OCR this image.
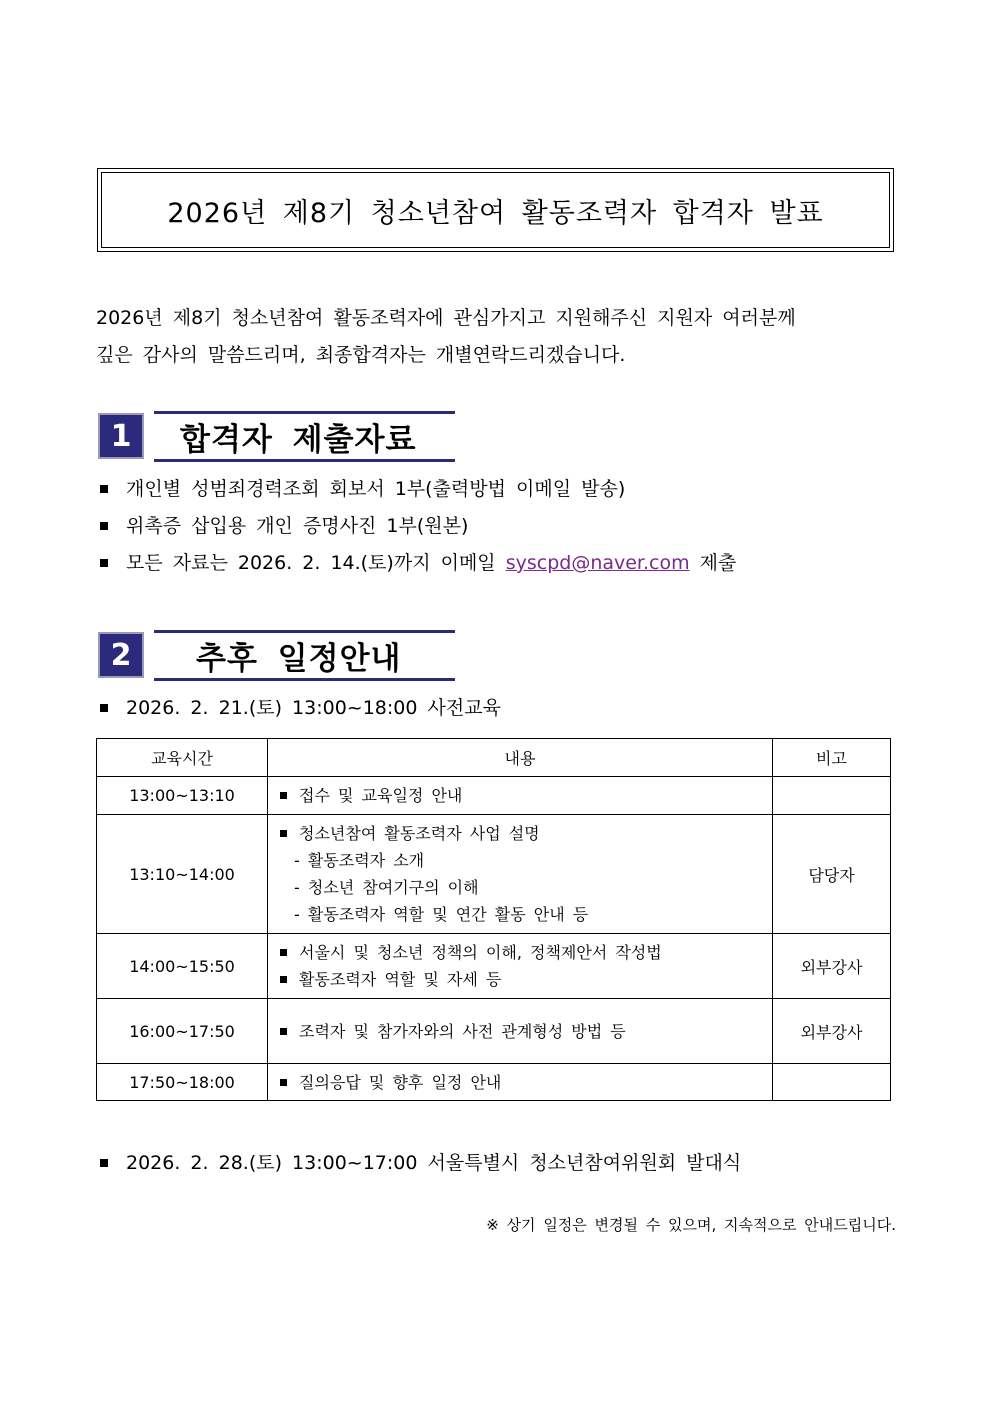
2026년 제8기 청소년참여 활동조력자 합격자 발표

2026년 제8기 청소년참여 활동조력자에 관심가지고 지원해주신 지원자 여러분께

깊은 감사의 말씀드리며, 최종합격자는 개별연락드리겠습니다.

1	합격자 제출자료
개인별 성범죄경력조회 회보서 1부(출력방법 이메일 발송)
위촉증 삽입용 개인 증명사진 1부(원본)
모든 자료는 2026. 2. 14.(토)까지 이메일 syscpd@naver.com 제출
2	추후 일정안내
2026. 2. 21.(토) 13:00~18:00 사전교육
교육시간	내용	비고
13:00~13:10	접수 및 교육일정 안내	

13:10~14:00	청소년참여 활동조력자 사업 설명
- 활동조력자 소개
- 청소년 참여기구의 이해
- 활동조력자 역할 및 연간 활동 안내 등	담당자
14:00~15:50	서울시 및 청소년 정책의 이해, 정책제안서 작성법
활동조력자 역할 및 자세 등	외부강사
16:00~17:50	조력자 및 참가자와의 사전 관계형성 방법 등	외부강사
17:50~18:00	질의응답 및 향후 일정 안내	

2026. 2. 28.(토) 13:00~17:00 서울특별시 청소년참여위원회 발대식
※ 상기 일정은 변경될 수 있으며, 지속적으로 안내드립니다.
